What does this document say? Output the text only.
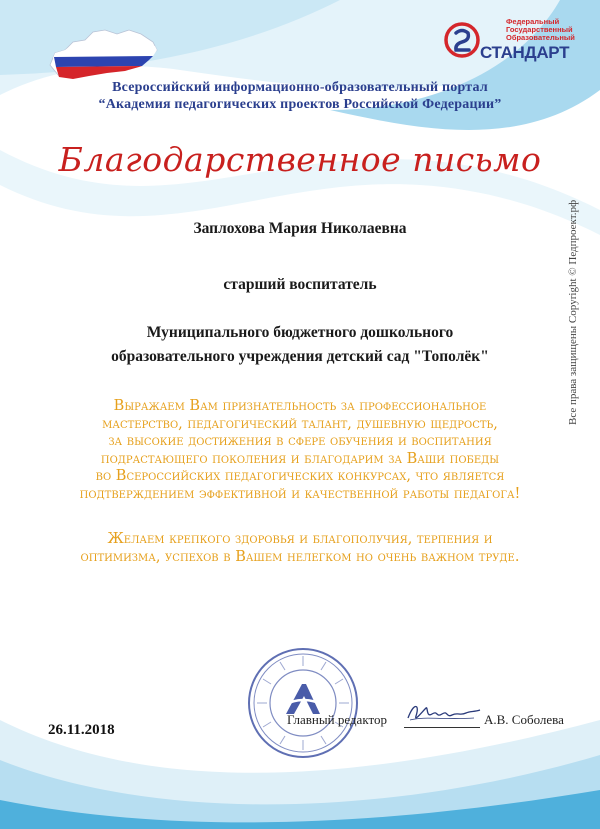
Федеральный
Государственный
Образовательный
СТАНДАРТ
Всероссийский информационно-образовательный портал
“Академия педагогических проектов Российской Федерации”
Благодарственное письмо
Заплохова Мария Николаевна
старший воспитатель
Муниципального бюджетного дошкольного
образовательного учреждения детский сад "Тополёк"
Выражаем Вам признательность за профессиональное
мастерство, педагогический талант, душевную щедрость,
за высокие достижения в сфере обучения и воспитания
подрастающего поколения и благодарим за Ваши победы
во Всероссийских педагогических конкурсах, что является
подтверждением эффективной и качественной работы педагога!
Желаем крепкого здоровья и благополучия, терпения и
оптимизма, успехов в Вашем нелегком но очень важном труде.
Все права защищены Copyright © Педпроект.рф
26.11.2018
Главный редактор	А.В. Соболева
